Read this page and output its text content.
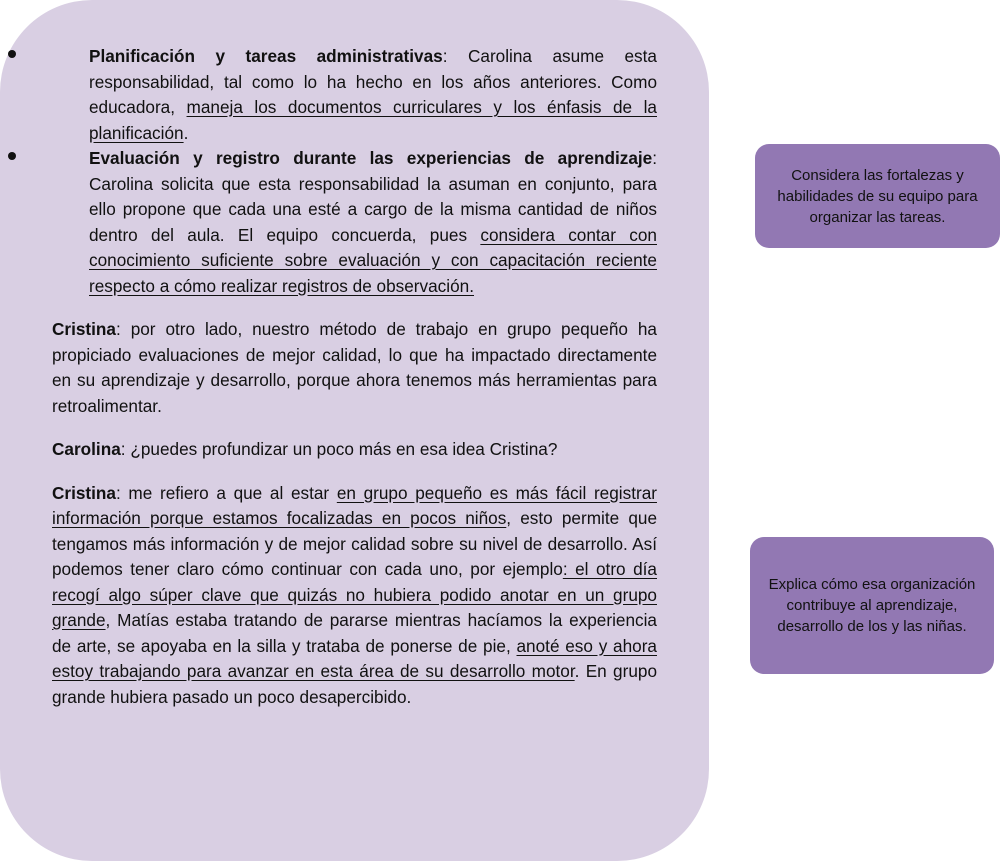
Planificación y tareas administrativas: Carolina asume esta responsabilidad, tal como lo ha hecho en los años anteriores. Como educadora, maneja los documentos curriculares y los énfasis de la planificación.
Evaluación y registro durante las experiencias de aprendizaje: Carolina solicita que esta responsabilidad la asuman en conjunto, para ello propone que cada una esté a cargo de la misma cantidad de niños dentro del aula. El equipo concuerda, pues considera contar con conocimiento suficiente sobre evaluación y con capacitación reciente respecto a cómo realizar registros de observación.

Cristina: por otro lado, nuestro método de trabajo en grupo pequeño ha propiciado evaluaciones de mejor calidad, lo que ha impactado directamente en su aprendizaje y desarrollo, porque ahora tenemos más herramientas para retroalimentar.

Carolina: ¿puedes profundizar un poco más en esa idea Cristina?

Cristina: me refiero a que al estar en grupo pequeño es más fácil registrar información porque estamos focalizadas en pocos niños, esto permite que tengamos más información y de mejor calidad sobre su nivel de desarrollo. Así podemos tener claro cómo continuar con cada uno, por ejemplo: el otro día recogí algo súper clave que quizás no hubiera podido anotar en un grupo grande, Matías estaba tratando de pararse mientras hacíamos la experiencia de arte, se apoyaba en la silla y trataba de ponerse de pie, anoté eso y ahora estoy trabajando para avanzar en esta área de su desarrollo motor. En grupo grande hubiera pasado un poco desapercibido.

Considera las fortalezas y habilidades de su equipo para organizar las tareas.
Explica cómo esa organización contribuye al aprendizaje, desarrollo de los y las niñas.
